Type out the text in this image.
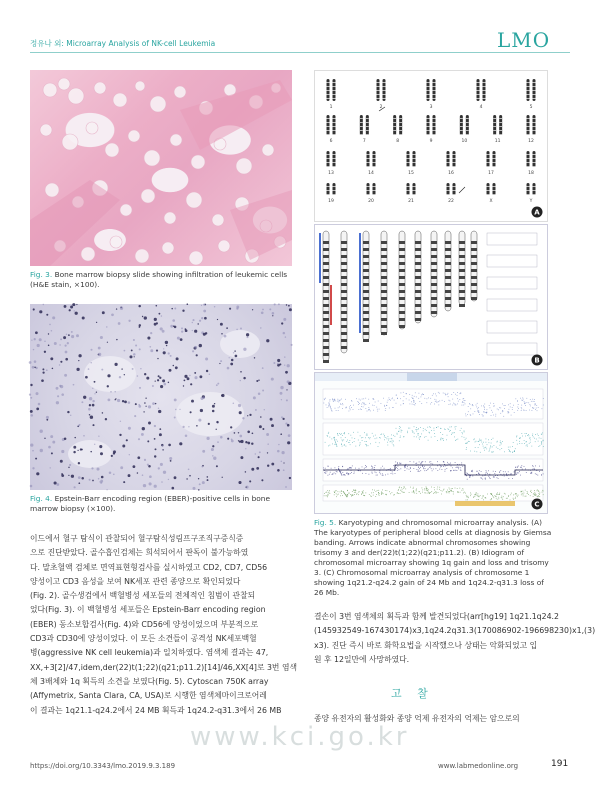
정유나 외: Microarray Analysis of NK-cell Leukemia	LMO
Fig. 3. Bone marrow biopsy slide showing infiltration of leukemic cells (H&E stain, ×100).
Fig. 4. Epstein-Barr encoding region (EBER)-positive cells in bone marrow biopsy (×100).
1	2	3	4	5
6	7	8	9	10	11	12
13	14	15	16	17	18
19	20	21	22	X	Y
A
B
C
Fig. 5. Karyotyping and chromosomal microarray analysis. (A) The karyotypes of peripheral blood cells at diagnosis by Giemsa banding. Arrows indicate abnormal chromosomes showing trisomy 3 and der(22)t(1;22)(q21;p11.2). (B) Idiogram of chromosomal microarray showing 1q gain and loss and trisomy 3. (C) Chromosomal microarray analysis of chromosome 1 showing 1q21.2-q24.2 gain of 24 Mb and 1q24.2-q31.3 loss of 26 Mb.

이드에서 혈구 탐식이 관찰되어 혈구탐식성림프구조직구증식증

으로 진단받았다. 골수흡인검체는 희석되어서 판독이 불가능하였

다. 말초혈액 검체로 면역표현형검사를 실시하였고 CD2, CD7, CD56

양성이고 CD3 음성을 보여 NK세포 관련 종양으로 확인되었다

(Fig. 2). 골수생검에서 백혈병성 세포들의 전체적인 침범이 관찰되

었다(Fig. 3). 이 백혈병성 세포들은 Epstein-Barr encoding region

(EBER) 동소보합검사(Fig. 4)와 CD56에 양성이었으며 부분적으로

CD3과 CD30에 양성이었다. 이 모든 소견들이 공격성 NK세포백혈

병(aggressive NK cell leukemia)과 일치하였다. 염색체 결과는 47,

XX,+3[2]/47,idem,der(22)t(1;22)(q21;p11.2)[14]/46,XX[4]로 3번 염색

체 3배체와 1q 획득의 소견을 보였다(Fig. 5). Cytoscan 750K array

(Affymetrix, Santa Clara, CA, USA)로 시행한 염색체마이크로어레

이 결과는 1q21.1-q24.2에서 24 MB 획득과 1q24.2-q31.3에서 26 MB

결손이 3번 염색체의 획득과 함께 발견되었다(arr[hg19] 1q21.1q24.2

(145932549-167430174)x3,1q24.2q31.3(170086902-196698230)x1,(3)

x3). 진단 즉시 바로 화학요법을 시작했으나 상태는 악화되었고 입

원 후 12일만에 사망하였다.

고 찰
종양 유전자의 활성화와 종양 억제 유전자의 억제는 암으로의
www.kci.go.kr
https://doi.org/10.3343/lmo.2019.9.3.189	www.labmedonline.org	191
